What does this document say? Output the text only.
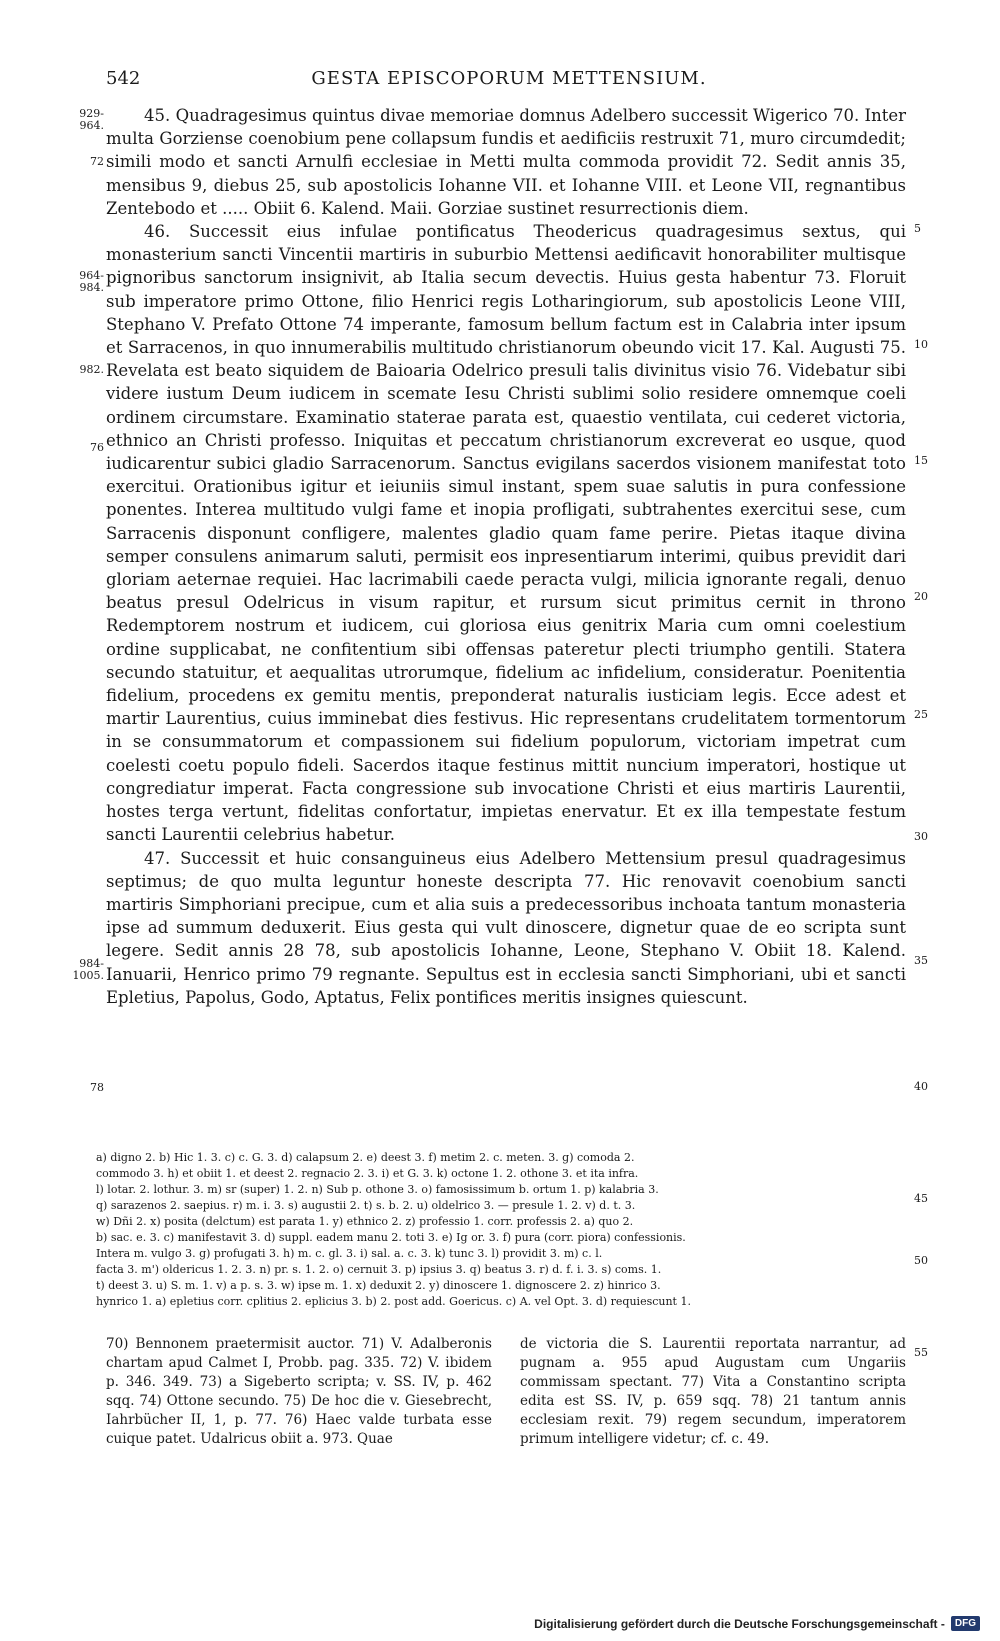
542	GESTA EPISCOPORUM METTENSIUM.
929-964.
72
964-984.
982.
76
984-1005.
78
5
10
15
20
25
30
35
40
45
50
55

45. Quadragesimus quintus divae memoriae domnus Adelbero successit Wigerico 70. Inter multa Gorziense coenobium pene collapsum fundis et aedificiis restruxit 71, muro circumdedit; simili modo et sancti Arnulfi ecclesiae in Metti multa commoda providit 72. Sedit annis 35, mensibus 9, diebus 25, sub apostolicis Iohanne VII. et Iohanne VIII. et Leone VII, regnantibus Zentebodo et ..... Obiit 6. Kalend. Maii. Gorziae sustinet resurrectionis diem.

46. Successit eius infulae pontificatus Theodericus quadragesimus sextus, qui monasterium sancti Vincentii martiris in suburbio Mettensi aedificavit honorabiliter multisque pignoribus sanctorum insignivit, ab Italia secum devectis. Huius gesta habentur 73. Floruit sub imperatore primo Ottone, filio Henrici regis Lotharingiorum, sub apostolicis Leone VIII, Stephano V. Prefato Ottone 74 imperante, famosum bellum factum est in Calabria inter ipsum et Sarracenos, in quo innumerabilis multitudo christianorum obeundo vicit 17. Kal. Augusti 75. Revelata est beato siquidem de Baioaria Odelrico presuli talis divinitus visio 76. Videbatur sibi videre iustum Deum iudicem in scemate Iesu Christi sublimi solio residere omnemque coeli ordinem circumstare. Examinatio staterae parata est, quaestio ventilata, cui cederet victoria, ethnico an Christi professo. Iniquitas et peccatum christianorum excreverat eo usque, quod iudicarentur subici gladio Sarracenorum. Sanctus evigilans sacerdos visionem manifestat toto exercitui. Orationibus igitur et ieiuniis simul instant, spem suae salutis in pura confessione ponentes. Interea multitudo vulgi fame et inopia profligati, subtrahentes exercitui sese, cum Sarracenis disponunt confligere, malentes gladio quam fame perire. Pietas itaque divina semper consulens animarum saluti, permisit eos inpresentiarum interimi, quibus previdit dari gloriam aeternae requiei. Hac lacrimabili caede peracta vulgi, milicia ignorante regali, denuo beatus presul Odelricus in visum rapitur, et rursum sicut primitus cernit in throno Redemptorem nostrum et iudicem, cui gloriosa eius genitrix Maria cum omni coelestium ordine supplicabat, ne confitentium sibi offensas pateretur plecti triumpho gentili. Statera secundo statuitur, et aequalitas utrorumque, fidelium ac infidelium, consideratur. Poenitentia fidelium, procedens ex gemitu mentis, preponderat naturalis iusticiam legis. Ecce adest et martir Laurentius, cuius imminebat dies festivus. Hic representans crudelitatem tormentorum in se consummatorum et compassionem sui fidelium populorum, victoriam impetrat cum coelesti coetu populo fideli. Sacerdos itaque festinus mittit nuncium imperatori, hostique ut congrediatur imperat. Facta congressione sub invocatione Christi et eius martiris Laurentii, hostes terga vertunt, fidelitas confortatur, impietas enervatur. Et ex illa tempestate festum sancti Laurentii celebrius habetur.

47. Successit et huic consanguineus eius Adelbero Mettensium presul quadragesimus septimus; de quo multa leguntur honeste descripta 77. Hic renovavit coenobium sancti martiris Simphoriani precipue, cum et alia suis a predecessoribus inchoata tantum monasteria ipse ad summum deduxerit. Eius gesta qui vult dinoscere, dignetur quae de eo scripta sunt legere. Sedit annis 28 78, sub apostolicis Iohanne, Leone, Stephano V. Obiit 18. Kalend. Ianuarii, Henrico primo 79 regnante. Sepultus est in ecclesia sancti Simphoriani, ubi et sancti Epletius, Papolus, Godo, Aptatus, Felix pontifices meritis insignes quiescunt.

a) digno 2. b) Hic 1. 3. c) c. G. 3. d) calapsum 2. e) deest 3. f) metim 2. c. meten. 3. g) comoda 2.
commodo 3. h) et obiit 1. et deest 2. regnacio 2. 3. i) et G. 3. k) octone 1. 2. othone 3. et ita infra.
l) lotar. 2. lothur. 3. m) sr (super) 1. 2. n) Sub p. othone 3. o) famosissimum b. ortum 1. p) kalabria 3.
q) sarazenos 2. saepius. r) m. i. 3. s) augustii 2. t) s. b. 2. u) oldelrico 3. — presule 1. 2. v) d. t. 3.
w) Dñi 2. x) posita (delctum) est parata 1. y) ethnico 2. z) professio 1. corr. professis 2. a) quo 2.
b) sac. e. 3. c) manifestavit 3. d) suppl. eadem manu 2. toti 3. e) Ig or. 3. f) pura (corr. piora) confessionis.
Intera m. vulgo 3. g) profugati 3. h) m. c. gl. 3. i) sal. a. c. 3. k) tunc 3. l) providit 3. m) c. l.
facta 3. m') oldericus 1. 2. 3. n) pr. s. 1. 2. o) cernuit 3. p) ipsius 3. q) beatus 3. r) d. f. i. 3. s) coms. 1.
t) deest 3. u) S. m. 1. v) a p. s. 3. w) ipse m. 1. x) deduxit 2. y) dinoscere 1. dignoscere 2. z) hinrico 3.
hynrico 1. a) epletius corr. cplitius 2. eplicius 3. b) 2. post add. Goericus. c) A. vel Opt. 3. d) requiescunt 1.
70) Bennonem praetermisit auctor. 71) V. Adalberonis chartam apud Calmet I, Probb. pag. 335. 72) V. ibidem p. 346. 349. 73) a Sigeberto scripta; v. SS. IV, p. 462 sqq. 74) Ottone secundo. 75) De hoc die v. Giesebrecht, Iahrbücher II, 1, p. 77. 76) Haec valde turbata esse cuique patet. Udalricus obiit a. 973. Quae
de victoria die S. Laurentii reportata narrantur, ad pugnam a. 955 apud Augustam cum Ungariis commissam spectant. 77) Vita a Constantino scripta edita est SS. IV, p. 659 sqq. 78) 21 tantum annis ecclesiam rexit. 79) regem secundum, imperatorem primum intelligere videtur; cf. c. 49.
Digitalisierung gefördert durch die Deutsche Forschungsgemeinschaft -	DFG
